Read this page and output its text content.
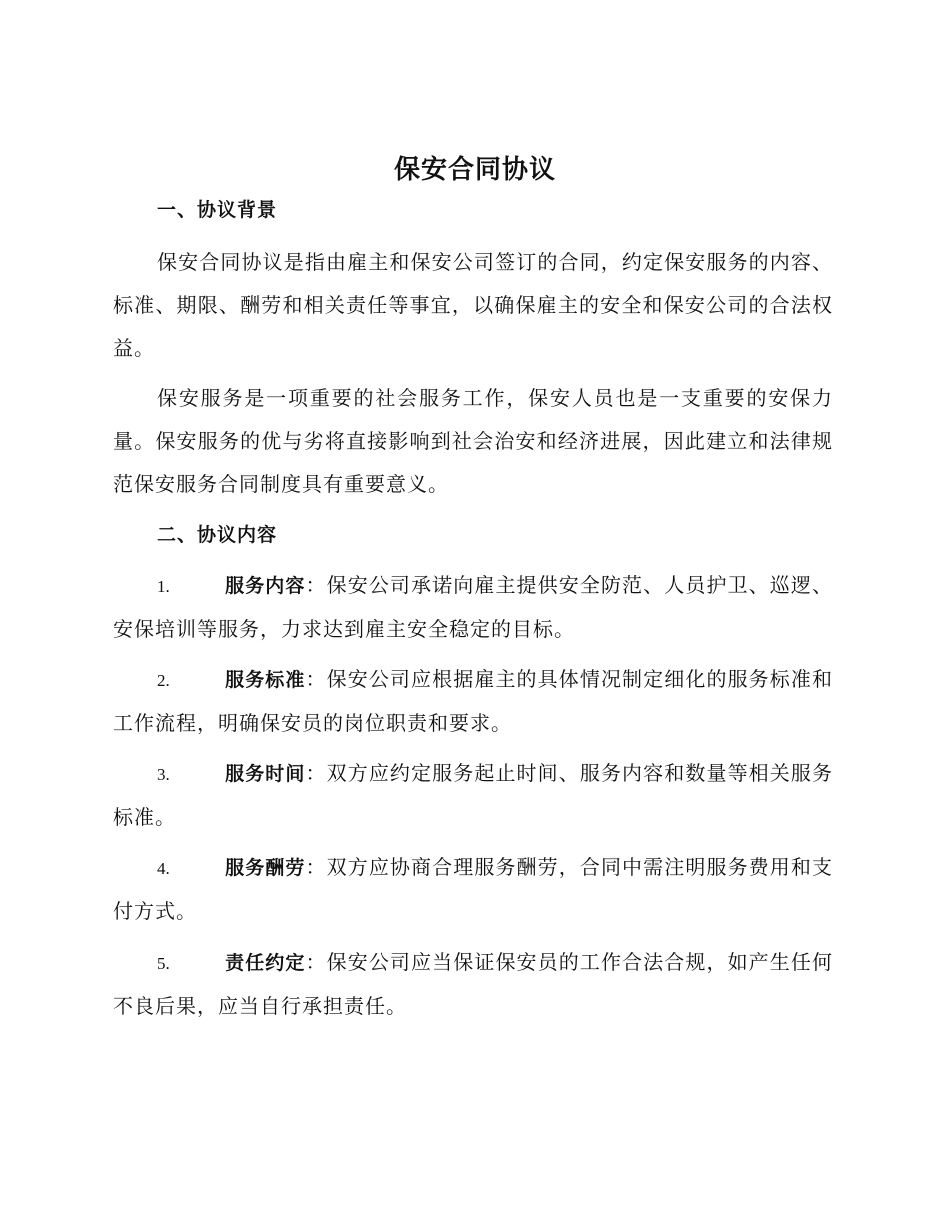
保安合同协议
一、协议背景
保安合同协议是指由雇主和保安公司签订的合同，约定保安服务的内容、标准、期限、酬劳和相关责任等事宜，以确保雇主的安全和保安公司的合法权益。
保安服务是一项重要的社会服务工作，保安人员也是一支重要的安保力量。保安服务的优与劣将直接影响到社会治安和经济进展，因此建立和法律规范保安服务合同制度具有重要意义。
二、协议内容
1.	服务内容：保安公司承诺向雇主提供安全防范、人员护卫、巡逻、安保培训等服务，力求达到雇主安全稳定的目标。
2.	服务标准：保安公司应根据雇主的具体情况制定细化的服务标准和工作流程，明确保安员的岗位职责和要求。
3.	服务时间：双方应约定服务起止时间、服务内容和数量等相关服务标准。
4.	服务酬劳：双方应协商合理服务酬劳，合同中需注明服务费用和支付方式。
5.	责任约定：保安公司应当保证保安员的工作合法合规，如产生任何不良后果，应当自行承担责任。
